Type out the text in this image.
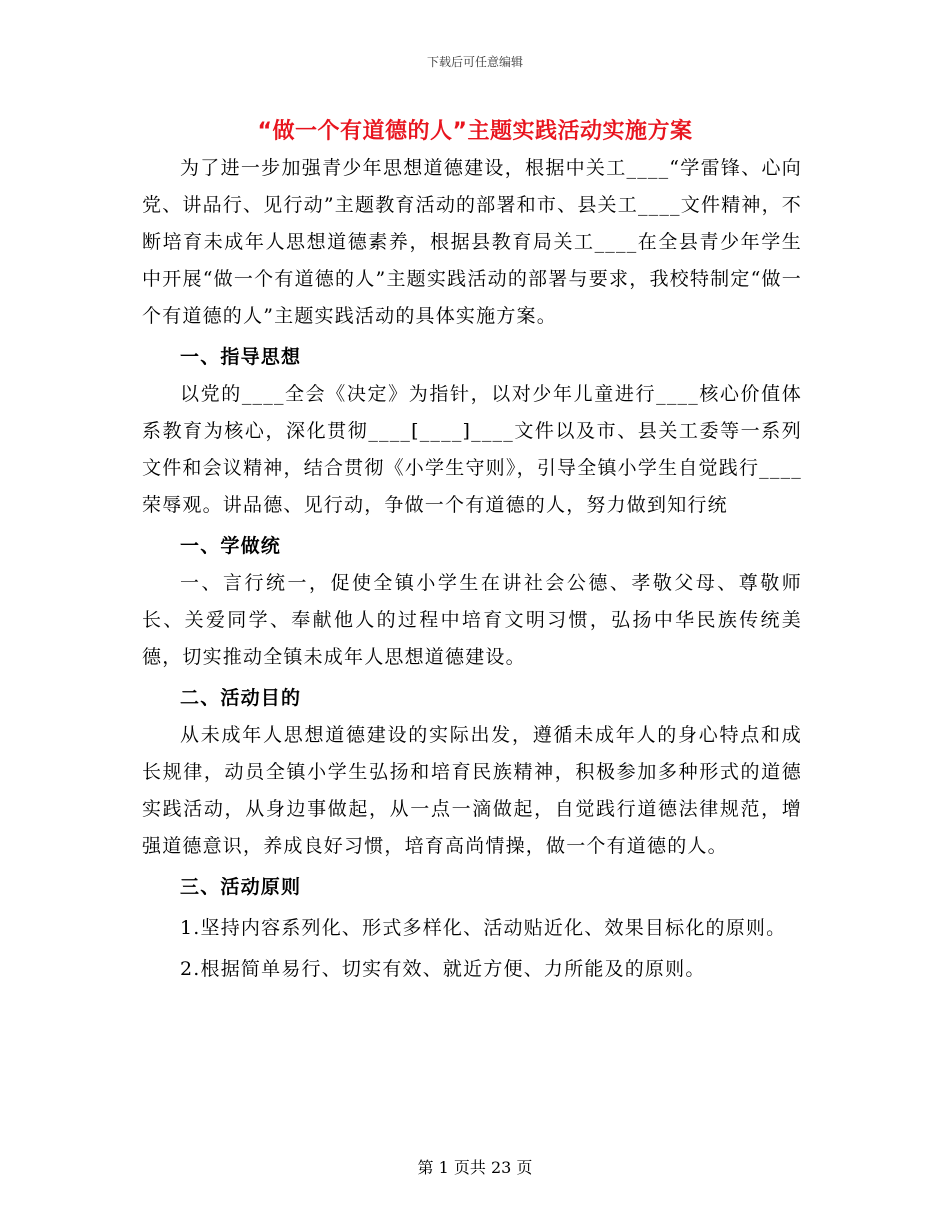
下载后可任意编辑
“做一个有道德的人”主题实践活动实施方案

为了进一步加强青少年思想道德建设，根据中关工____“学雷锋、心向党、讲品行、见行动”主题教育活动的部署和市、县关工____文件精神，不断培育未成年人思想道德素养，根据县教育局关工____在全县青少年学生中开展“做一个有道德的人”主题实践活动的部署与要求，我校特制定“做一个有道德的人”主题实践活动的具体实施方案。

一、指导思想

以党的____全会《决定》为指针，以对少年儿童进行____核心价值体系教育为核心，深化贯彻____[____]____文件以及市、县关工委等一系列文件和会议精神，结合贯彻《小学生守则》，引导全镇小学生自觉践行____荣辱观。讲品德、见行动，争做一个有道德的人，努力做到知行统

一、学做统

一、言行统一，促使全镇小学生在讲社会公德、孝敬父母、尊敬师长、关爱同学、奉献他人的过程中培育文明习惯，弘扬中华民族传统美德，切实推动全镇未成年人思想道德建设。

二、活动目的

从未成年人思想道德建设的实际出发，遵循未成年人的身心特点和成长规律，动员全镇小学生弘扬和培育民族精神，积极参加多种形式的道德实践活动，从身边事做起，从一点一滴做起，自觉践行道德法律规范，增强道德意识，养成良好习惯，培育高尚情操，做一个有道德的人。

三、活动原则

1.坚持内容系列化、形式多样化、活动贴近化、效果目标化的原则。

2.根据简单易行、切实有效、就近方便、力所能及的原则。

第 1 页共 23 页
